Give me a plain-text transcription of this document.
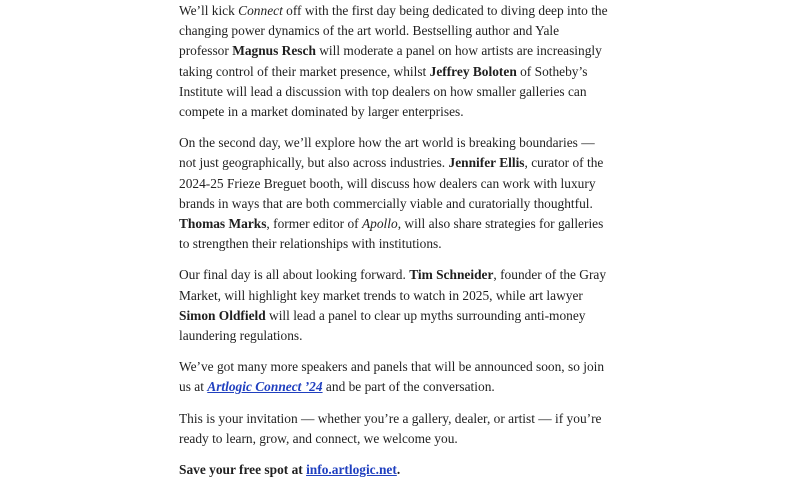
We’ll kick Connect off with the first day being dedicated to diving deep into the changing power dynamics of the art world. Bestselling author and Yale professor Magnus Resch will moderate a panel on how artists are increasingly taking control of their market presence, whilst Jeffrey Boloten of Sotheby’s Institute will lead a discussion with top dealers on how smaller galleries can compete in a market dominated by larger enterprises.

On the second day, we’ll explore how the art world is breaking boundaries — not just geographically, but also across industries. Jennifer Ellis, curator of the 2024-25 Frieze Breguet booth, will discuss how dealers can work with luxury brands in ways that are both commercially viable and curatorially thoughtful. Thomas Marks, former editor of Apollo, will also share strategies for galleries to strengthen their relationships with institutions.

Our final day is all about looking forward. Tim Schneider, founder of the Gray Market, will highlight key market trends to watch in 2025, while art lawyer Simon Oldfield will lead a panel to clear up myths surrounding anti-money laundering regulations.

We’ve got many more speakers and panels that will be announced soon, so join us at Artlogic Connect ’24 and be part of the conversation.

This is your invitation — whether you’re a gallery, dealer, or artist — if you’re ready to learn, grow, and connect, we welcome you.

Save your free spot at info.artlogic.net.
